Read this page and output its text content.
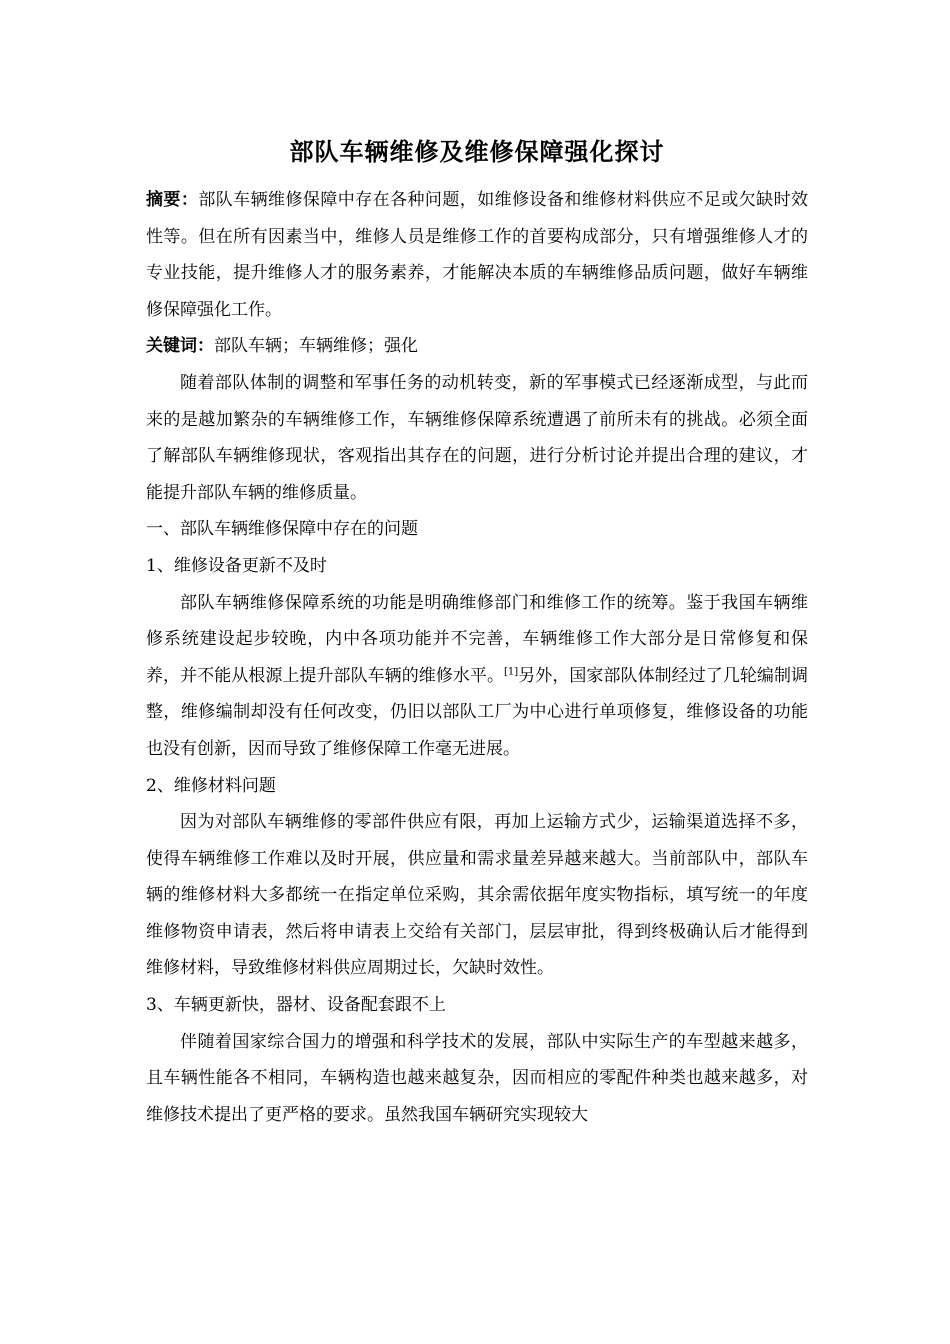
部队车辆维修及维修保障强化探讨

摘要：部队车辆维修保障中存在各种问题，如维修设备和维修材料供应不足或欠缺时效性等。但在所有因素当中，维修人员是维修工作的首要构成部分，只有增强维修人才的专业技能，提升维修人才的服务素养，才能解决本质的车辆维修品质问题，做好车辆维修保障强化工作。

关键词：部队车辆；车辆维修；强化

随着部队体制的调整和军事任务的动机转变，新的军事模式已经逐渐成型，与此而来的是越加繁杂的车辆维修工作，车辆维修保障系统遭遇了前所未有的挑战。必须全面了解部队车辆维修现状，客观指出其存在的问题，进行分析讨论并提出合理的建议，才能提升部队车辆的维修质量。

一、部队车辆维修保障中存在的问题

1、维修设备更新不及时

部队车辆维修保障系统的功能是明确维修部门和维修工作的统筹。鉴于我国车辆维修系统建设起步较晚，内中各项功能并不完善，车辆维修工作大部分是日常修复和保养，并不能从根源上提升部队车辆的维修水平。[1]另外，国家部队体制经过了几轮编制调整，维修编制却没有任何改变，仍旧以部队工厂为中心进行单项修复，维修设备的功能也没有创新，因而导致了维修保障工作毫无进展。

2、维修材料问题

因为对部队车辆维修的零部件供应有限，再加上运输方式少，运输渠道选择不多，使得车辆维修工作难以及时开展，供应量和需求量差异越来越大。当前部队中，部队车辆的维修材料大多都统一在指定单位采购，其余需依据年度实物指标，填写统一的年度维修物资申请表，然后将申请表上交给有关部门，层层审批，得到终极确认后才能得到维修材料，导致维修材料供应周期过长，欠缺时效性。

3、车辆更新快，器材、设备配套跟不上

伴随着国家综合国力的增强和科学技术的发展，部队中实际生产的车型越来越多，且车辆性能各不相同，车辆构造也越来越复杂，因而相应的零配件种类也越来越多，对维修技术提出了更严格的要求。虽然我国车辆研究实现较大
